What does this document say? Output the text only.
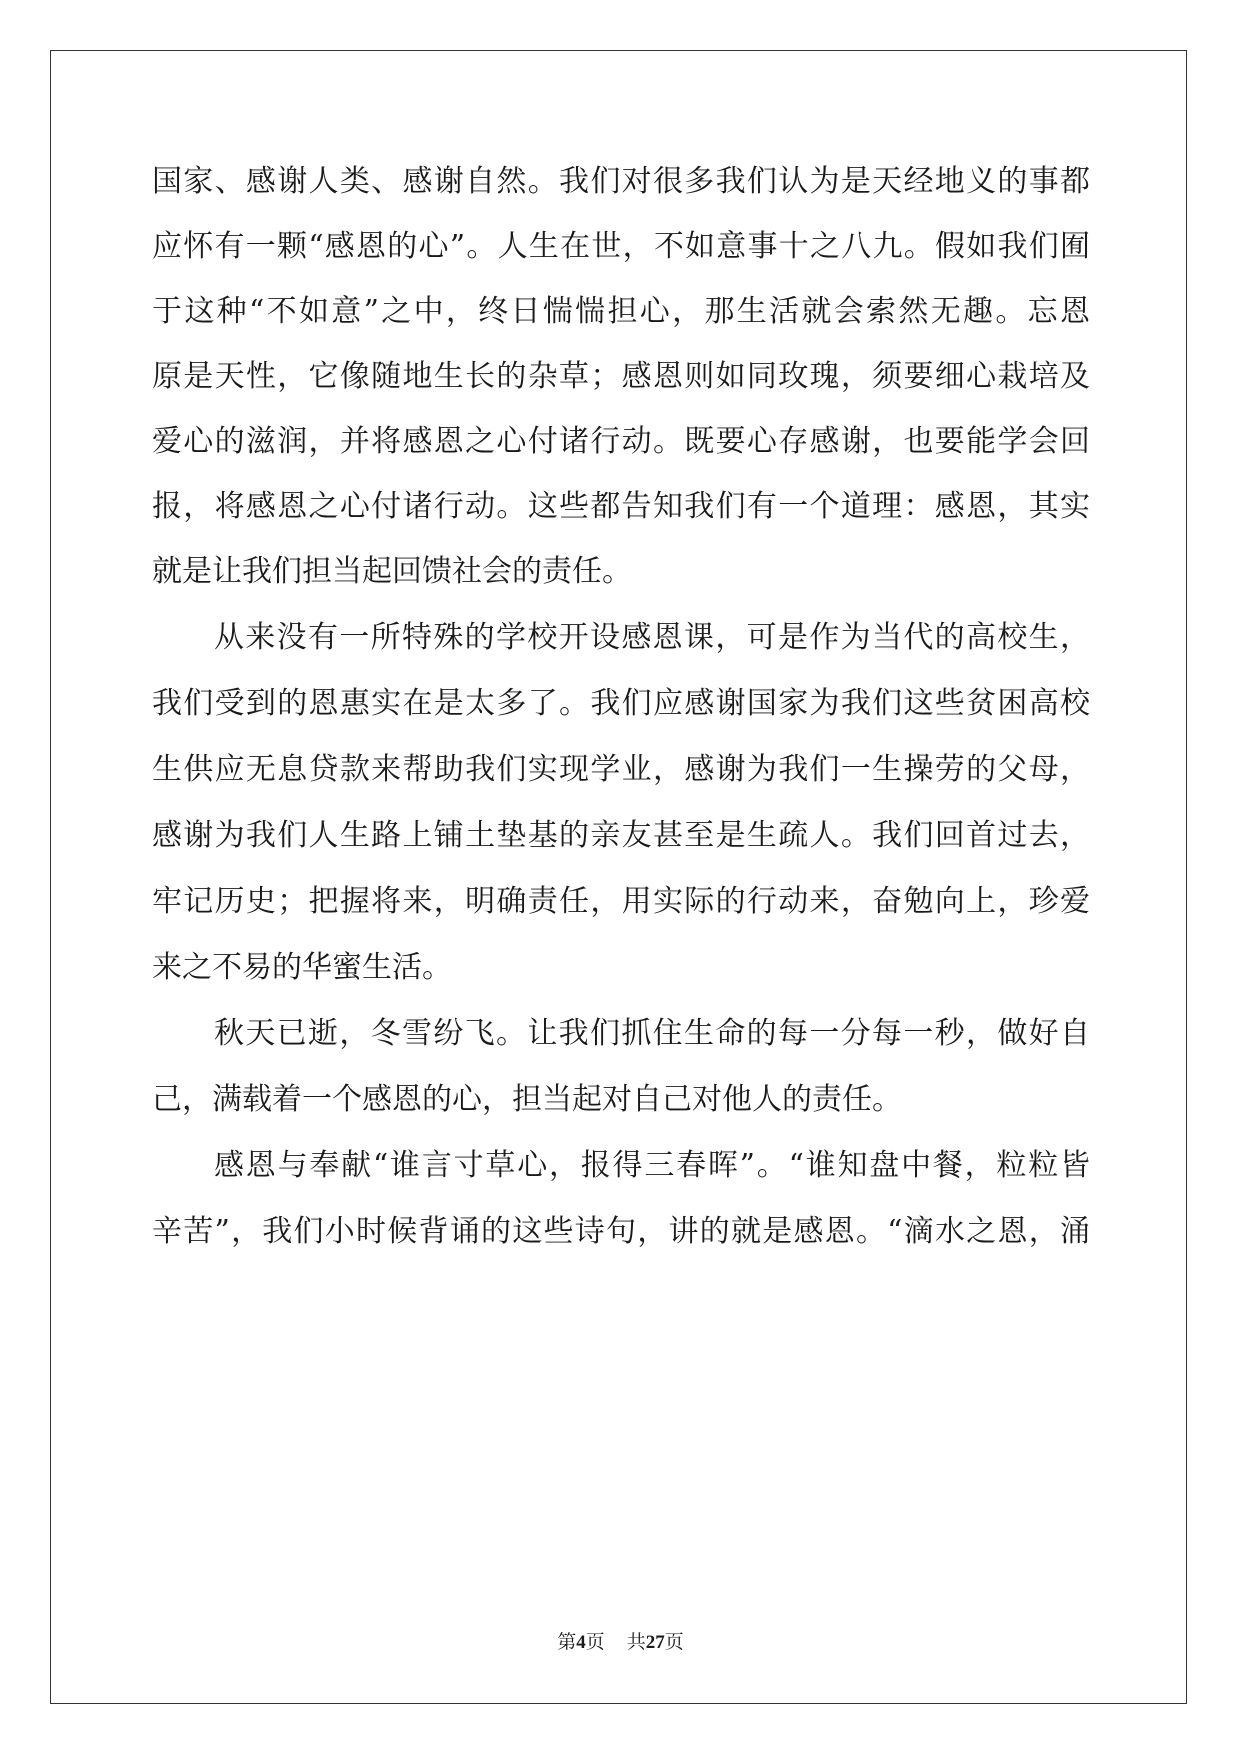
国家、感谢人类、感谢自然。我们对很多我们认为是天经地义的事都
应怀有一颗“感恩的心”。人生在世，不如意事十之八九。假如我们囿
于这种“不如意”之中，终日惴惴担心，那生活就会索然无趣。忘恩
原是天性，它像随地生长的杂草；感恩则如同玫瑰，须要细心栽培及
爱心的滋润，并将感恩之心付诸行动。既要心存感谢，也要能学会回
报，将感恩之心付诸行动。这些都告知我们有一个道理：感恩，其实
就是让我们担当起回馈社会的责任。
从来没有一所特殊的学校开设感恩课，可是作为当代的高校生，
我们受到的恩惠实在是太多了。我们应感谢国家为我们这些贫困高校
生供应无息贷款来帮助我们实现学业，感谢为我们一生操劳的父母，
感谢为我们人生路上铺土垫基的亲友甚至是生疏人。我们回首过去，
牢记历史；把握将来，明确责任，用实际的行动来，奋勉向上，珍爱
来之不易的华蜜生活。
秋天已逝，冬雪纷飞。让我们抓住生命的每一分每一秒，做好自
己，满载着一个感恩的心，担当起对自己对他人的责任。
感恩与奉献“谁言寸草心，报得三春晖”。“谁知盘中餐，粒粒皆
辛苦”，我们小时候背诵的这些诗句，讲的就是感恩。“滴水之恩，涌
第4页 共27页
